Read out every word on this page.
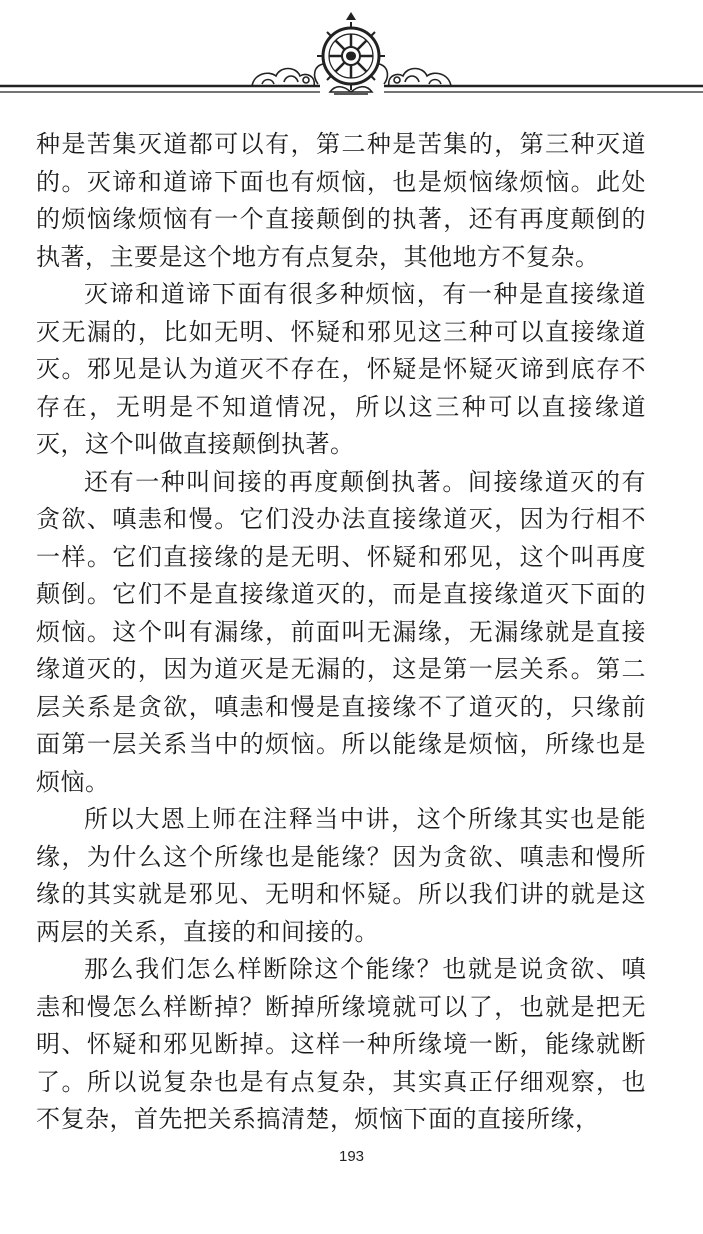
种是苦集灭道都可以有，第二种是苦集的，第三种灭道的。灭谛和道谛下面也有烦恼，也是烦恼缘烦恼。此处的烦恼缘烦恼有一个直接颠倒的执著，还有再度颠倒的执著，主要是这个地方有点复杂，其他地方不复杂。

灭谛和道谛下面有很多种烦恼，有一种是直接缘道灭无漏的，比如无明、怀疑和邪见这三种可以直接缘道灭。邪见是认为道灭不存在，怀疑是怀疑灭谛到底存不存在，无明是不知道情况，所以这三种可以直接缘道灭，这个叫做直接颠倒执著。

还有一种叫间接的再度颠倒执著。间接缘道灭的有贪欲、嗔恚和慢。它们没办法直接缘道灭，因为行相不一样。它们直接缘的是无明、怀疑和邪见，这个叫再度颠倒。它们不是直接缘道灭的，而是直接缘道灭下面的烦恼。这个叫有漏缘，前面叫无漏缘，无漏缘就是直接缘道灭的，因为道灭是无漏的，这是第一层关系。第二层关系是贪欲，嗔恚和慢是直接缘不了道灭的，只缘前面第一层关系当中的烦恼。所以能缘是烦恼，所缘也是烦恼。

所以大恩上师在注释当中讲，这个所缘其实也是能缘，为什么这个所缘也是能缘？因为贪欲、嗔恚和慢所缘的其实就是邪见、无明和怀疑。所以我们讲的就是这两层的关系，直接的和间接的。

那么我们怎么样断除这个能缘？也就是说贪欲、嗔恚和慢怎么样断掉？断掉所缘境就可以了，也就是把无明、怀疑和邪见断掉。这样一种所缘境一断，能缘就断了。所以说复杂也是有点复杂，其实真正仔细观察，也不复杂，首先把关系搞清楚，烦恼下面的直接所缘，

193
